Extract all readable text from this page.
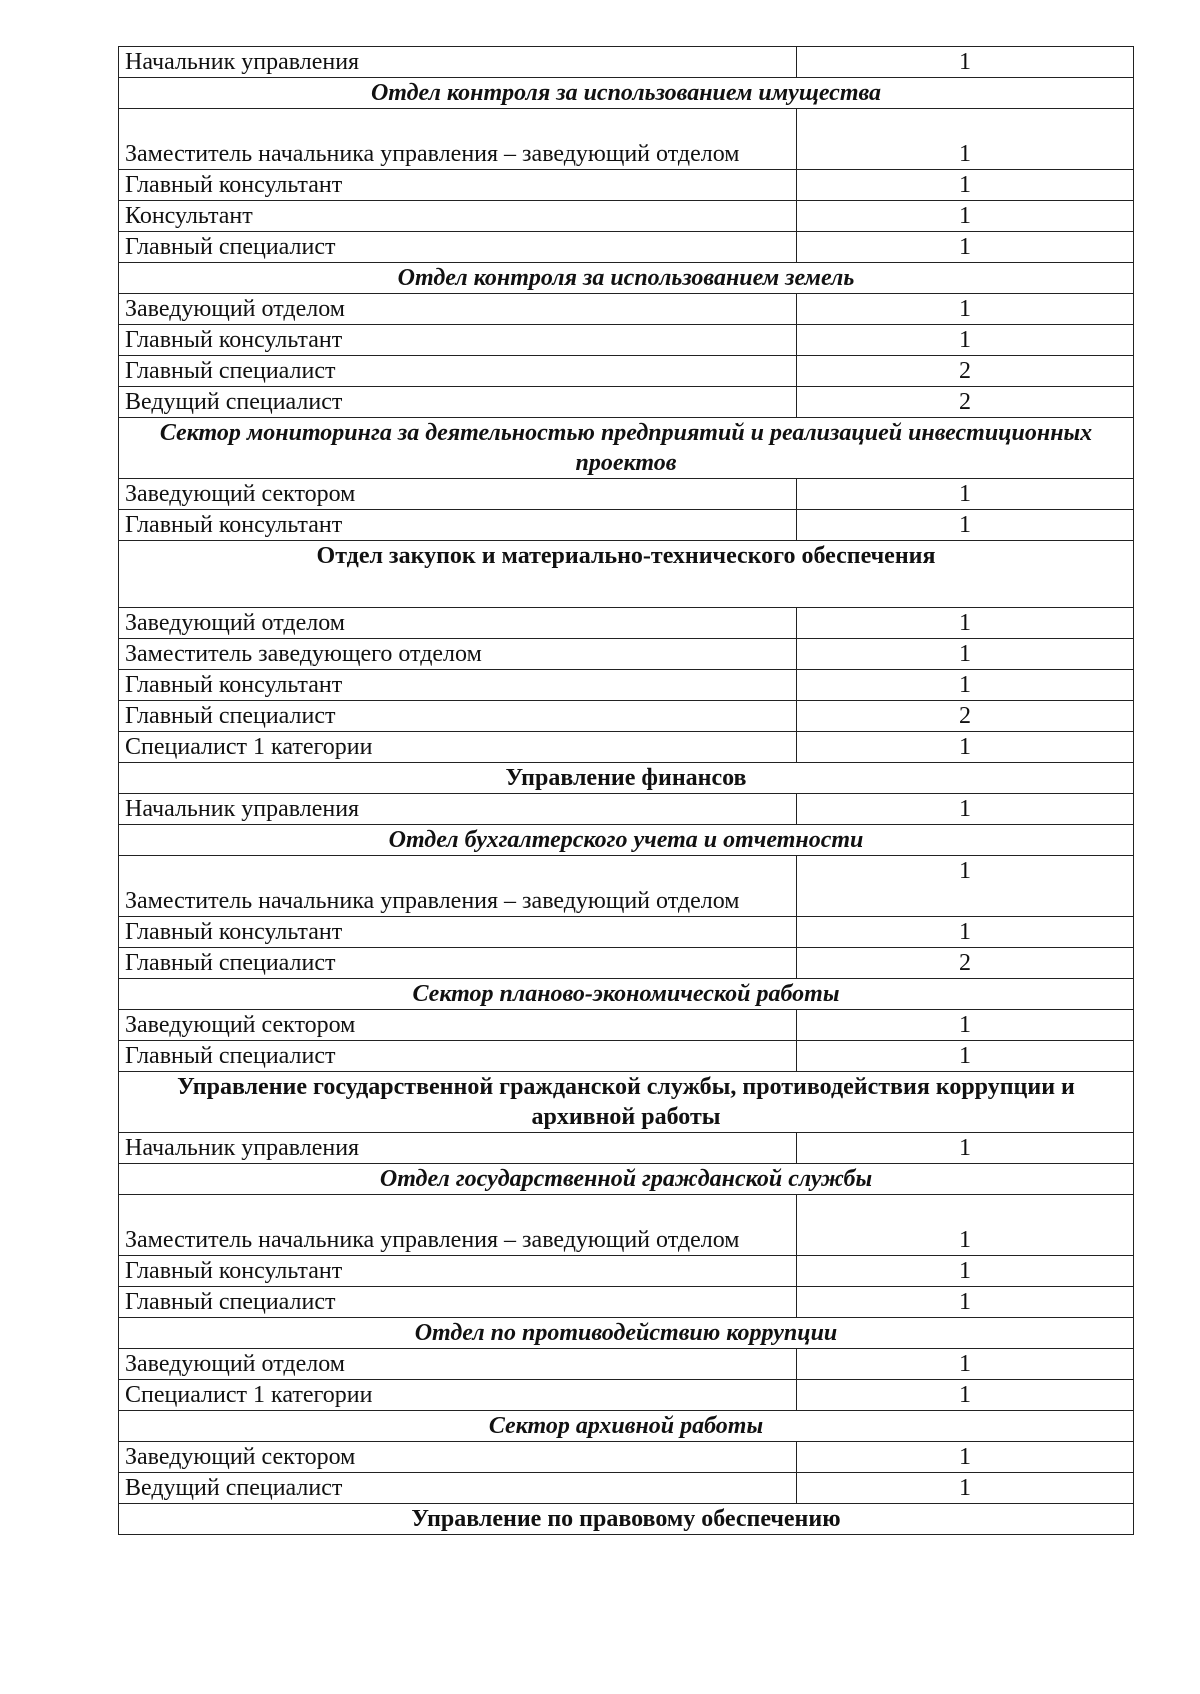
Начальник управления	1
Отдел контроля за использованием имущества	
Заместитель начальника управления – заведующий отделом	1
Главный консультант	1
Консультант	1
Главный специалист	1
Отдел контроля за использованием земель	
Заведующий отделом	1
Главный консультант	1
Главный специалист	2
Ведущий специалист	2
Сектор мониторинга за деятельностью предприятий и реализацией инвестиционных проектов	
Заведующий сектором	1
Главный консультант	1
Отдел закупок и материально-технического обеспечения	
Заведующий отделом	1
Заместитель заведующего отделом	1
Главный консультант	1
Главный специалист	2
Специалист 1 категории	1
Управление финансов	
Начальник управления	1
Отдел бухгалтерского учета и отчетности	
Заместитель начальника управления – заведующий отделом	1
Главный консультант	1
Главный специалист	2
Сектор планово-экономической работы	
Заведующий сектором	1
Главный специалист	1
Управление государственной гражданской службы, противодействия коррупции и архивной работы	
Начальник управления	1
Отдел государственной гражданской службы	
Заместитель начальника управления – заведующий отделом	1
Главный консультант	1
Главный специалист	1
Отдел по противодействию коррупции	
Заведующий отделом	1
Специалист 1 категории	1
Сектор архивной работы	
Заведующий сектором	1
Ведущий специалист	1
Управление по правовому обеспечению	
